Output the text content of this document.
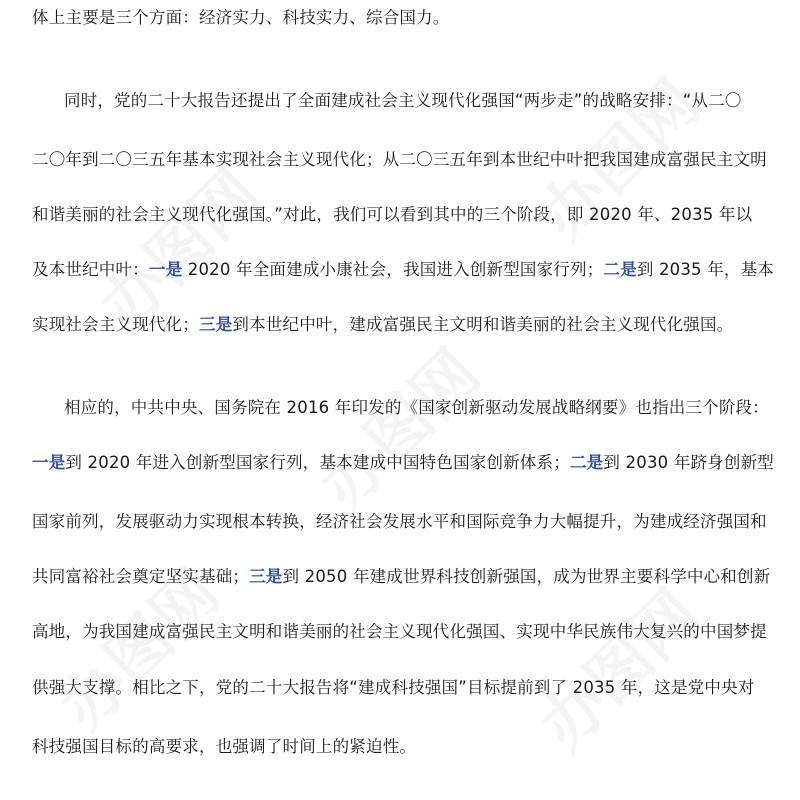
体上主要是三个方面：经济实力、科技实力、综合国力。
同时，党的二十大报告还提出了全面建成社会主义现代化强国“两步走”的战略安排：“从二〇
二〇年到二〇三五年基本实现社会主义现代化；从二〇三五年到本世纪中叶把我国建成富强民主文明
和谐美丽的社会主义现代化强国。”对此，我们可以看到其中的三个阶段，即 2020 年、2035 年以
及本世纪中叶：一是 2020 年全面建成小康社会，我国进入创新型国家行列；二是到 2035 年，基本
实现社会主义现代化；三是到本世纪中叶，建成富强民主文明和谐美丽的社会主义现代化强国。
相应的，中共中央、国务院在 2016 年印发的《国家创新驱动发展战略纲要》也指出三个阶段：
一是到 2020 年进入创新型国家行列，基本建成中国特色国家创新体系；二是到 2030 年跻身创新型
国家前列，发展驱动力实现根本转换，经济社会发展水平和国际竞争力大幅提升，为建成经济强国和
共同富裕社会奠定坚实基础；三是到 2050 年建成世界科技创新强国，成为世界主要科学中心和创新
高地，为我国建成富强民主文明和谐美丽的社会主义现代化强国、实现中华民族伟大复兴的中国梦提
供强大支撑。相比之下，党的二十大报告将“建成科技强国”目标提前到了 2035 年，这是党中央对
科技强国目标的高要求，也强调了时间上的紧迫性。
